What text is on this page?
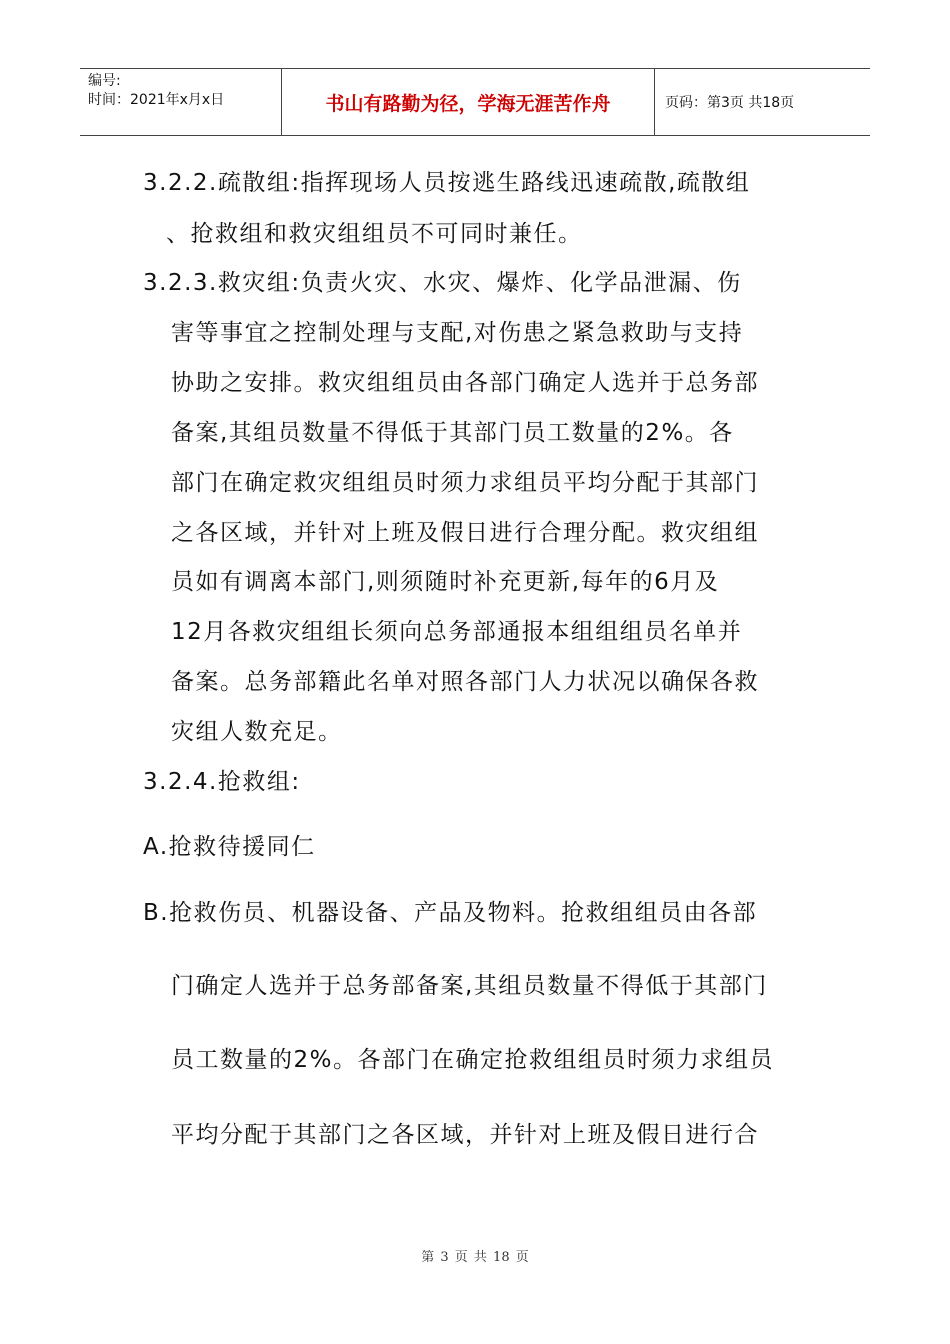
编号:
时间：2021年x月x日	书山有路勤为径，学海无涯苦作舟	页码：第3页 共18页
3.2.2.疏散组:指挥现场人员按逃生路线迅速疏散,疏散组
、抢救组和救灾组组员不可同时兼任。
3.2.3.救灾组:负责火灾、水灾、爆炸、化学品泄漏、伤
害等事宜之控制处理与支配,对伤患之紧急救助与支持
协助之安排。救灾组组员由各部门确定人选并于总务部
备案,其组员数量不得低于其部门员工数量的2%。各
部门在确定救灾组组员时须力求组员平均分配于其部门
之各区域，并针对上班及假日进行合理分配。救灾组组
员如有调离本部门,则须随时补充更新,每年的6月及
12月各救灾组组长须向总务部通报本组组组员名单并
备案。总务部籍此名单对照各部门人力状况以确保各救
灾组人数充足。
3.2.4.抢救组:
A.抢救待援同仁
B.抢救伤员、机器设备、产品及物料。抢救组组员由各部
门确定人选并于总务部备案,其组员数量不得低于其部门
员工数量的2%。各部门在确定抢救组组员时须力求组员
平均分配于其部门之各区域，并针对上班及假日进行合
第 3 页 共 18 页
